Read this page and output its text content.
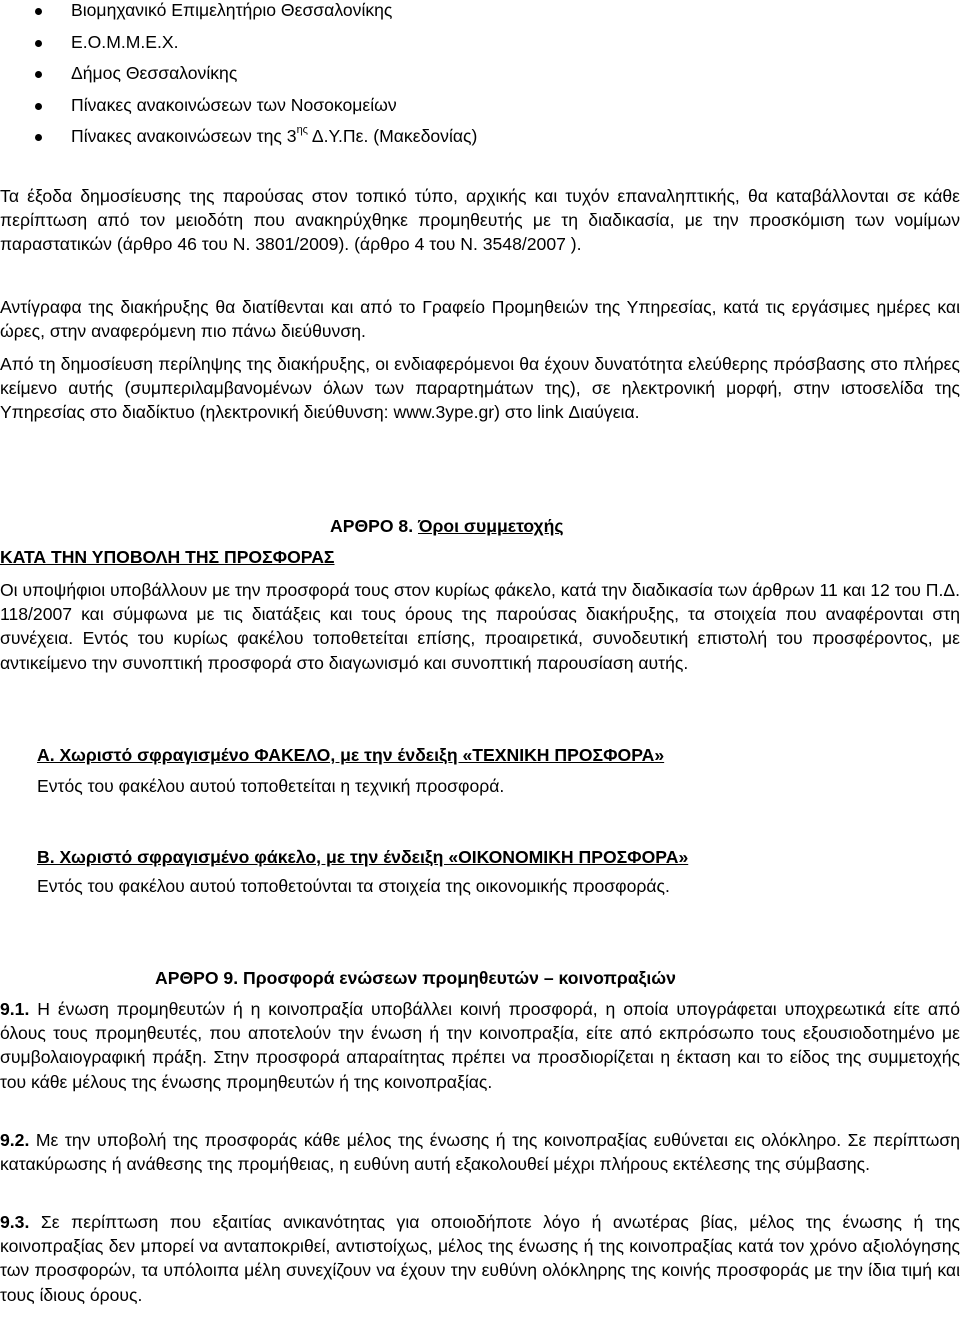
Βιομηχανικό Επιμελητήριο Θεσσαλονίκης
Ε.Ο.Μ.Μ.Ε.Χ.
Δήμος Θεσσαλονίκης
Πίνακες ανακοινώσεων των Νοσοκομείων
Πίνακες ανακοινώσεων της $3^{\eta\varsigma}$ Δ.Υ.Πε. (Μακεδονίας)

Τα έξοδα δημοσίευσης της παρούσας στον τοπικό τύπο, αρχικής και τυχόν επαναληπτικής, θα καταβάλλονται σε κάθε περίπτωση από τον μειοδότη που ανακηρύχθηκε προμηθευτής με τη διαδικασία, με την προσκόμιση των νομίμων παραστατικών (άρθρο 46 του Ν. 3801/2009). (άρθρο 4 του Ν. 3548/2007 ).

Αντίγραφα της διακήρυξης θα διατίθενται και από το Γραφείο Προμηθειών της Υπηρεσίας, κατά τις εργάσιμες ημέρες και ώρες, στην αναφερόμενη πιο πάνω διεύθυνση.

Από τη δημοσίευση περίληψης της διακήρυξης, οι ενδιαφερόμενοι θα έχουν δυνατότητα ελεύθερης πρόσβασης στο πλήρες κείμενο αυτής (συμπεριλαμβανομένων όλων των παραρτημάτων της), σε ηλεκτρονική μορφή, στην ιστοσελίδα της Υπηρεσίας στο διαδίκτυο (ηλεκτρονική διεύθυνση: www.3ype.gr) στο link Διαύγεια.

ΑΡΘΡΟ 8. Όροι συμμετοχής
ΚΑΤΑ ΤΗΝ ΥΠΟΒΟΛΗ ΤΗΣ ΠΡΟΣΦΟΡΑΣ

Οι υποψήφιοι υποβάλλουν με την προσφορά τους στον κυρίως φάκελο, κατά την διαδικασία των άρθρων 11 και 12 του Π.Δ. 118/2007 και σύμφωνα με τις διατάξεις και τους όρους της παρούσας διακήρυξης, τα στοιχεία που αναφέρονται στη συνέχεια. Εντός του κυρίως φακέλου τοποθετείται επίσης, προαιρετικά, συνοδευτική επιστολή του προσφέροντος, με αντικείμενο την συνοπτική προσφορά στο διαγωνισμό και συνοπτική παρουσίαση αυτής.

Α. Χωριστό σφραγισμένο ΦΑΚΕΛΟ, με την ένδειξη «ΤΕΧΝΙΚΗ ΠΡΟΣΦΟΡΑ»
Εντός του φακέλου αυτού τοποθετείται η τεχνική προσφορά.
Β. Χωριστό σφραγισμένο φάκελο, με την ένδειξη «ΟΙΚΟΝΟΜΙΚΗ ΠΡΟΣΦΟΡΑ»
Εντός του φακέλου αυτού τοποθετούνται τα στοιχεία της οικονομικής προσφοράς.
ΑΡΘΡΟ 9. Προσφορά ενώσεων προμηθευτών – κοινοπραξιών

9.1. Η ένωση προμηθευτών ή η κοινοπραξία υποβάλλει κοινή προσφορά, η οποία υπογράφεται υποχρεωτικά είτε από όλους τους προμηθευτές, που αποτελούν την ένωση ή την κοινοπραξία, είτε από εκπρόσωπο τους εξουσιοδοτημένο με συμβολαιογραφική πράξη. Στην προσφορά απαραίτητας πρέπει να προσδιορίζεται η έκταση και το είδος της συμμετοχής του κάθε μέλους της ένωσης προμηθευτών ή της κοινοπραξίας.

9.2. Με την υποβολή της προσφοράς κάθε μέλος της ένωσης ή της κοινοπραξίας ευθύνεται εις ολόκληρο. Σε περίπτωση κατακύρωσης ή ανάθεσης της προμήθειας, η ευθύνη αυτή εξακολουθεί μέχρι πλήρους εκτέλεσης της σύμβασης.

9.3. Σε περίπτωση που εξαιτίας ανικανότητας για οποιοδήποτε λόγο ή ανωτέρας βίας, μέλος της ένωσης ή της κοινοπραξίας δεν μπορεί να ανταποκριθεί, αντιστοίχως, μέλος της ένωσης ή της κοινοπραξίας κατά τον χρόνο αξιολόγησης των προσφορών, τα υπόλοιπα μέλη συνεχίζουν να έχουν την ευθύνη ολόκληρης της κοινής προσφοράς με την ίδια τιμή και τους ίδιους όρους.
